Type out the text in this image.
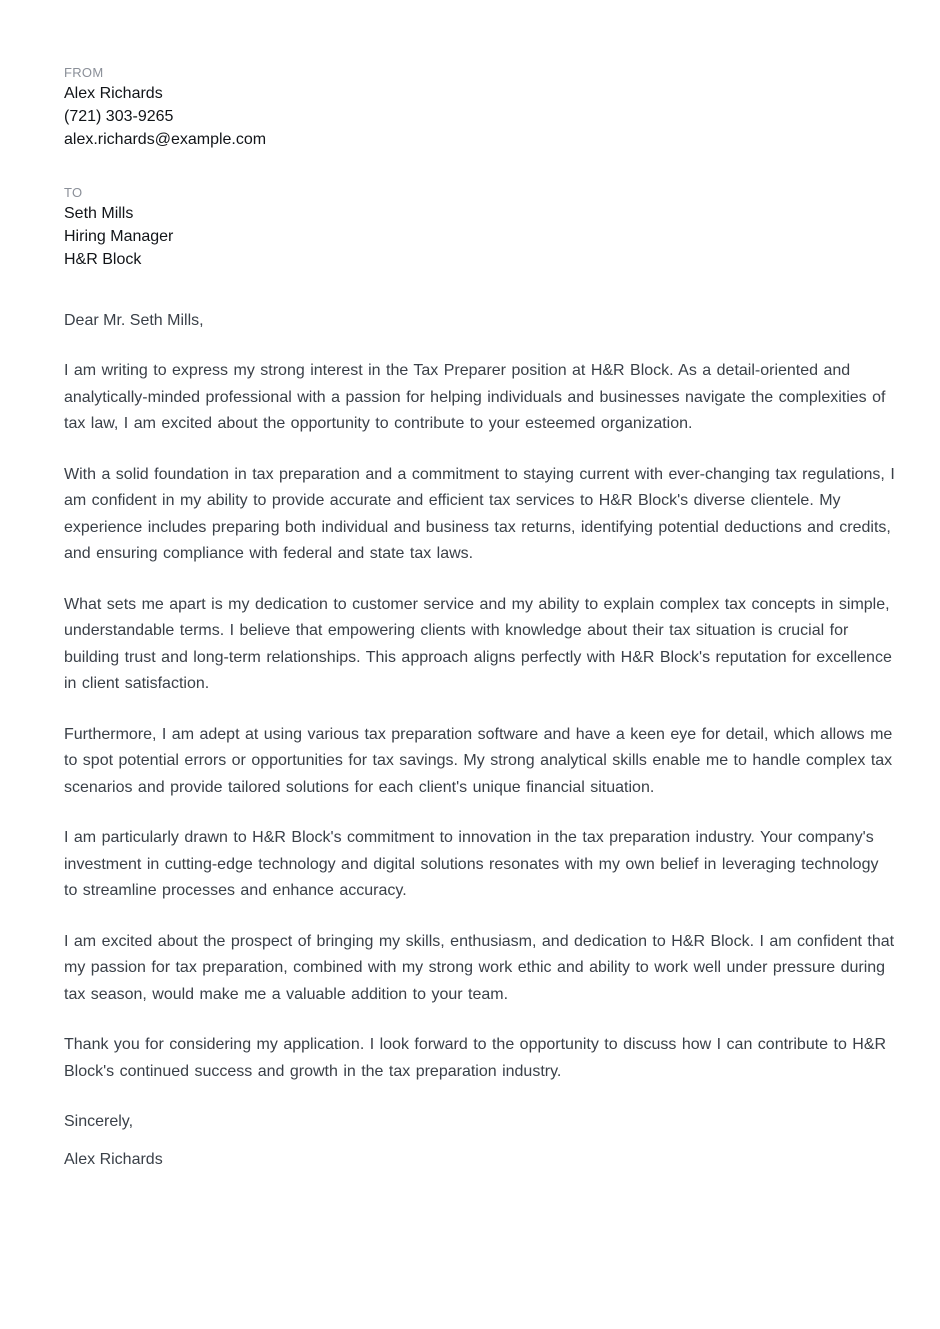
FROM
Alex Richards
(721) 303-9265
alex.richards@example.com
TO
Seth Mills
Hiring Manager
H&R Block
Dear Mr. Seth Mills,
I am writing to express my strong interest in the Tax Preparer position at H&R Block. As a detail-oriented and analytically-minded professional with a passion for helping individuals and businesses navigate the complexities of tax law, I am excited about the opportunity to contribute to your esteemed organization.
With a solid foundation in tax preparation and a commitment to staying current with ever-changing tax regulations, I am confident in my ability to provide accurate and efficient tax services to H&R Block's diverse clientele. My experience includes preparing both individual and business tax returns, identifying potential deductions and credits, and ensuring compliance with federal and state tax laws.
What sets me apart is my dedication to customer service and my ability to explain complex tax concepts in simple, understandable terms. I believe that empowering clients with knowledge about their tax situation is crucial for building trust and long-term relationships. This approach aligns perfectly with H&R Block's reputation for excellence in client satisfaction.
Furthermore, I am adept at using various tax preparation software and have a keen eye for detail, which allows me to spot potential errors or opportunities for tax savings. My strong analytical skills enable me to handle complex tax scenarios and provide tailored solutions for each client's unique financial situation.
I am particularly drawn to H&R Block's commitment to innovation in the tax preparation industry. Your company's investment in cutting-edge technology and digital solutions resonates with my own belief in leveraging technology to streamline processes and enhance accuracy.
I am excited about the prospect of bringing my skills, enthusiasm, and dedication to H&R Block. I am confident that my passion for tax preparation, combined with my strong work ethic and ability to work well under pressure during tax season, would make me a valuable addition to your team.
Thank you for considering my application. I look forward to the opportunity to discuss how I can contribute to H&R Block's continued success and growth in the tax preparation industry.
Sincerely,
Alex Richards
